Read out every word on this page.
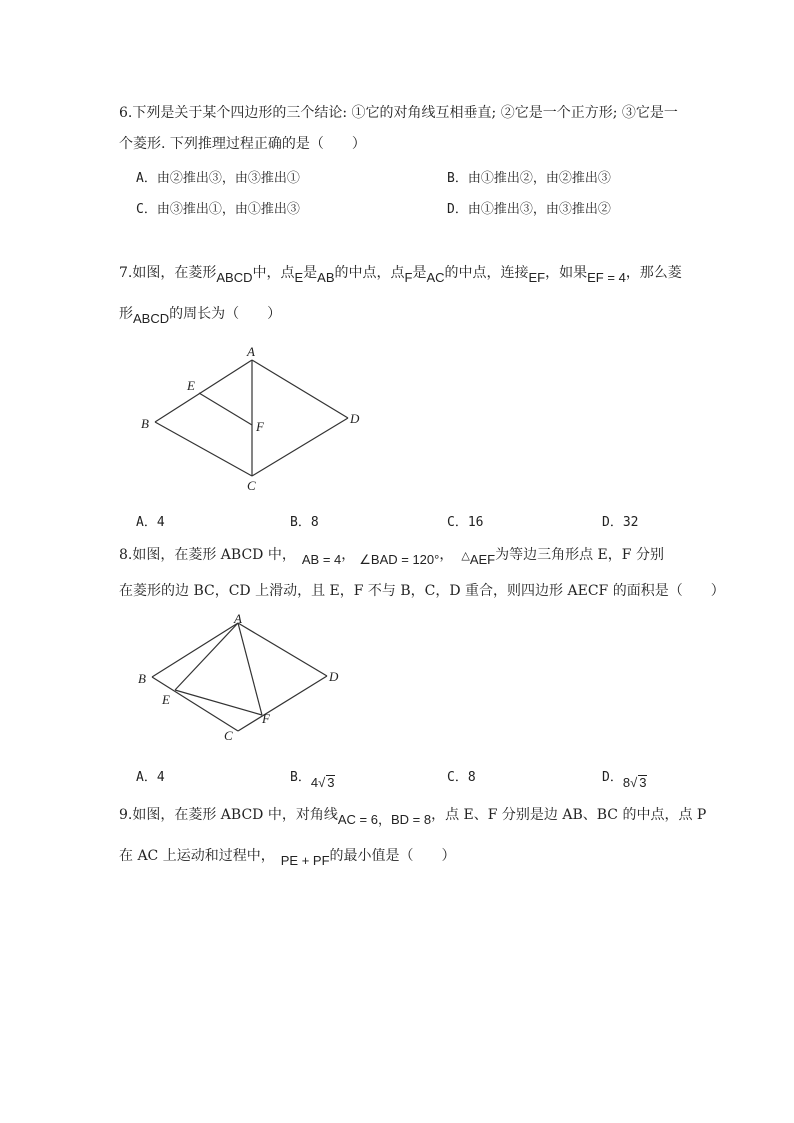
6.下列是关于某个四边形的三个结论: ①它的对角线互相垂直; ②它是一个正方形; ③它是一
个菱形. 下列推理过程正确的是（　　）
A．由②推出③，由③推出①	B．由①推出②，由②推出③
C．由③推出①，由①推出③	D．由①推出③，由③推出②
7.如图，在菱形ABCD中，点E是AB的中点，点F是AC的中点，连接EF，如果EF = 4，那么菱
形ABCD的周长为（　　）
A
B
C
D
E
F
A．4	B．8	C．16	D．32
8.如图，在菱形 ABCD 中， AB = 4， ∠BAD = 120°， △AEF为等边三角形点 E，F 分别
在菱形的边 BC，CD 上滑动，且 E，F 不与 B，C，D 重合，则四边形 AECF 的面积是（　　）
A
B
C
D
E
F
A．4	B．4√ 3	C．8	D．8√ 3
9.如图，在菱形 ABCD 中，对角线AC = 6，BD = 8，点 E、F 分别是边 AB、BC 的中点，点 P
在 AC 上运动和过程中， PE + PF的最小值是（　　）
